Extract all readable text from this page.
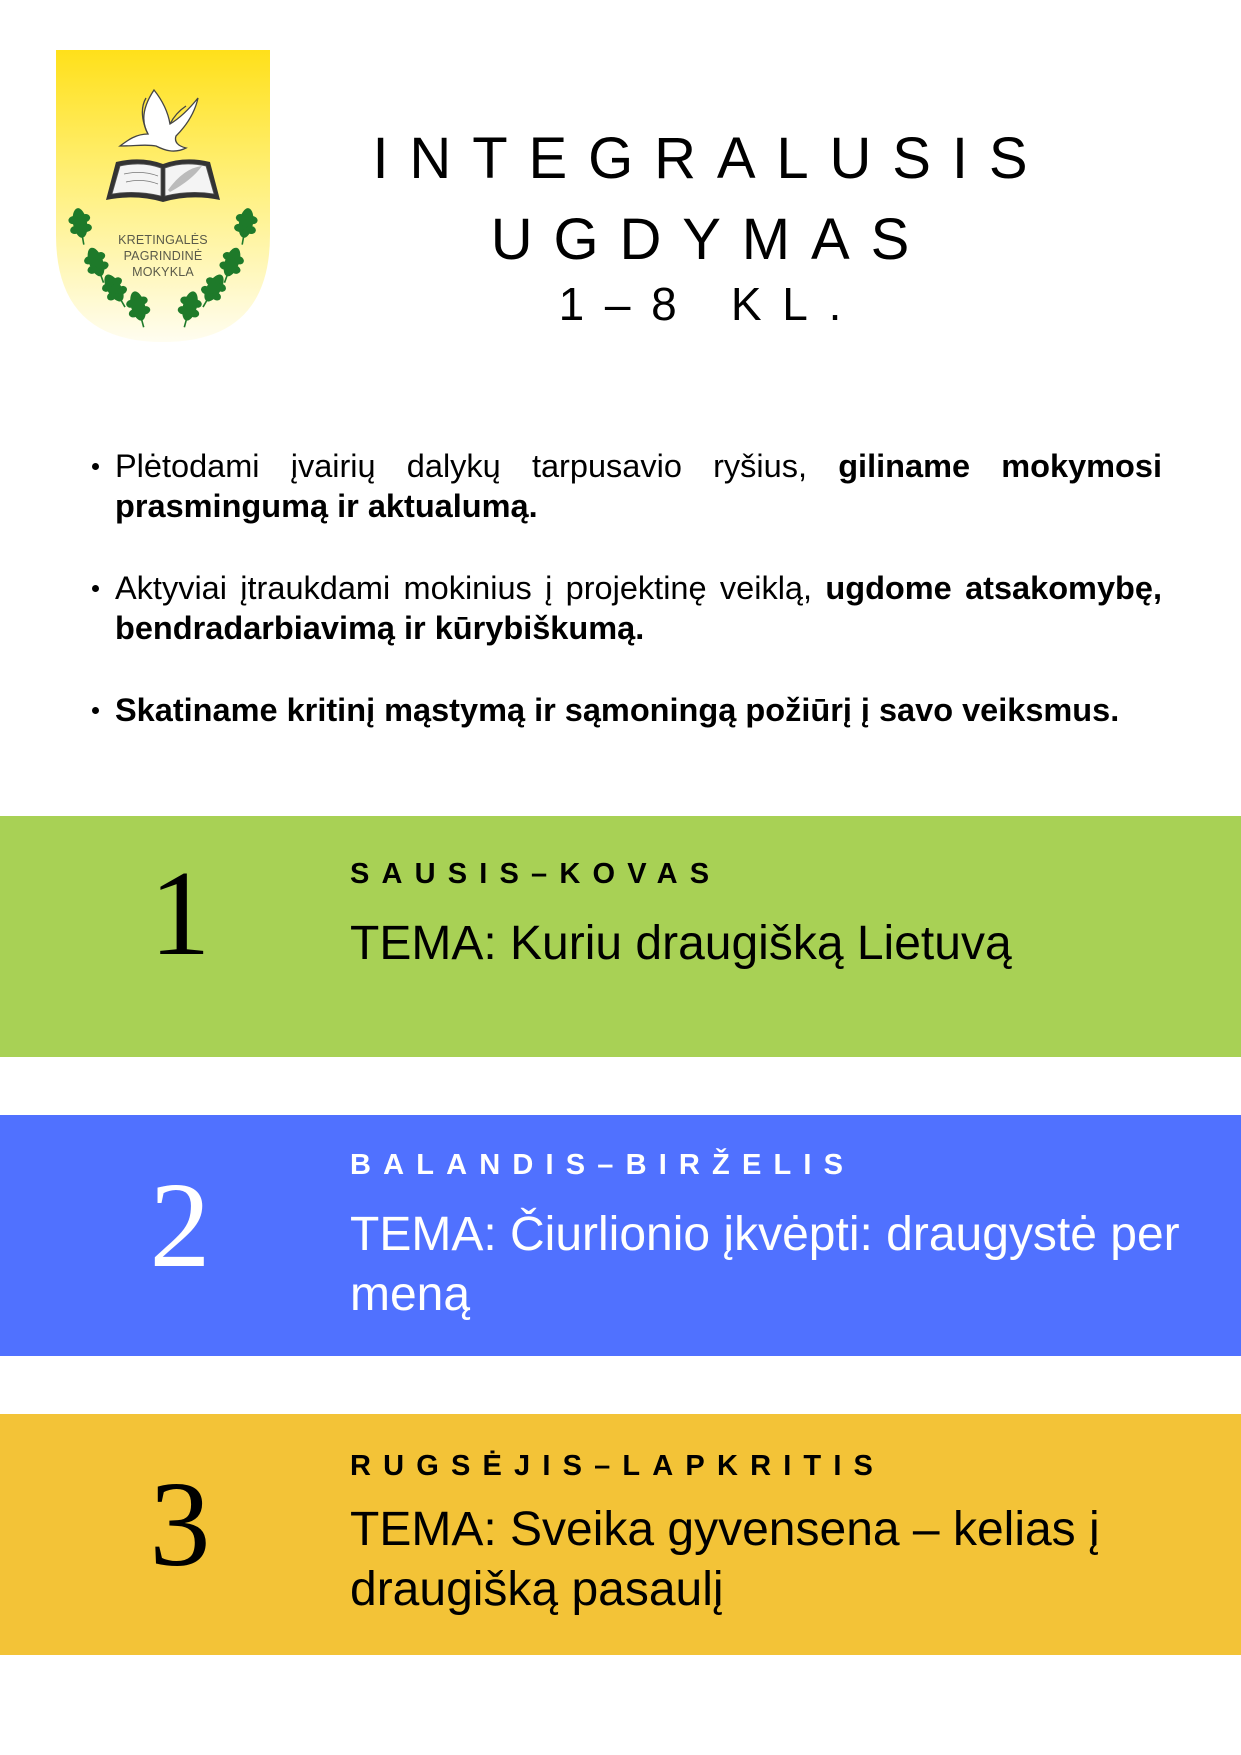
KRETINGALĖS
PAGRINDINĖ
MOKYKLA
INTEGRALUSIS
UGDYMAS
1–8 KL.
Plėtodami įvairių dalykų tarpusavio ryšius, giliname mokymosi prasmingumą ir aktualumą.
Aktyviai įtraukdami mokinius į projektinę veiklą, ugdome atsakomybę, bendradarbiavimą ir kūrybiškumą.
Skatiname kritinį mąstymą ir sąmoningą požiūrį į savo veiksmus.
1	SAUSIS–KOVAS
TEMA: Kuriu draugišką Lietuvą
2	BALANDIS–BIRŽELIS
TEMA: Čiurlionio įkvėpti: draugystė per meną
3	RUGSĖJIS–LAPKRITIS
TEMA: Sveika gyvensena – kelias į draugišką pasaulį
